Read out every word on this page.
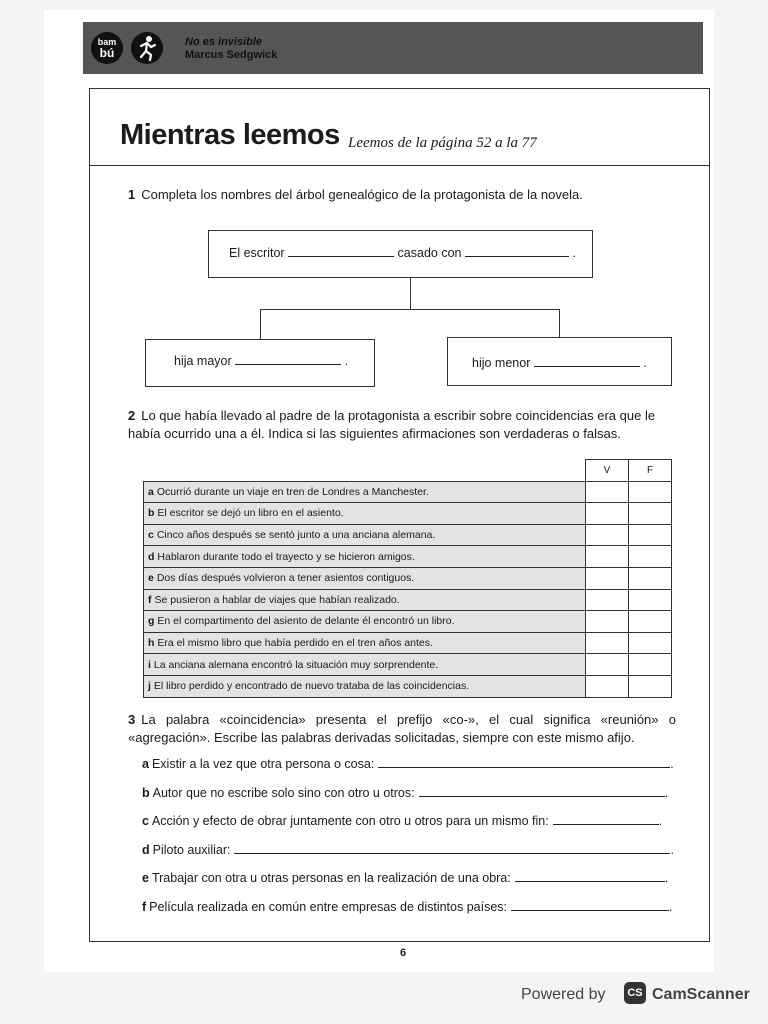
bam
bú
No es invisible
Marcus Sedgwick
Mientras leemos Leemos de la página 52 a la 77
1 Completa los nombres del árbol genealógico de la protagonista de la novela.
El escritor	casado con	.
hija mayor	.	hijo menor	.
2 Lo que había llevado al padre de la protagonista a escribir sobre coincidencias era que le había ocurrido una a él. Indica si las siguientes afirmaciones son verdaderas o falsas.
	V	F
a Ocurrió durante un viaje en tren de Londres a Manchester.		
b El escritor se dejó un libro en el asiento.		
c Cinco años después se sentó junto a una anciana alemana.		
d Hablaron durante todo el trayecto y se hicieron amigos.		
e Dos días después volvieron a tener asientos contiguos.		
f Se pusieron a hablar de viajes que habían realizado.		
g En el compartimento del asiento de delante él encontró un libro.		
h Era el mismo libro que había perdido en el tren años antes.		
i La anciana alemana encontró la situación muy sorprendente.		
j El libro perdido y encontrado de nuevo trataba de las coincidencias.		
3 La palabra «coincidencia» presenta el prefijo «co-», el cual significa «reunión» o «agregación». Escribe las palabras derivadas solicitadas, siempre con este mismo afijo.
a Existir a la vez que otra persona o cosa:	.
b Autor que no escribe solo sino con otro u otros:	.
c Acción y efecto de obrar juntamente con otro u otros para un mismo fin:	.
d Piloto auxiliar:	.
e Trabajar con otra u otras personas en la realización de una obra:	.
f Película realizada en común entre empresas de distintos países:	.
6
Powered by	CS CamScanner
